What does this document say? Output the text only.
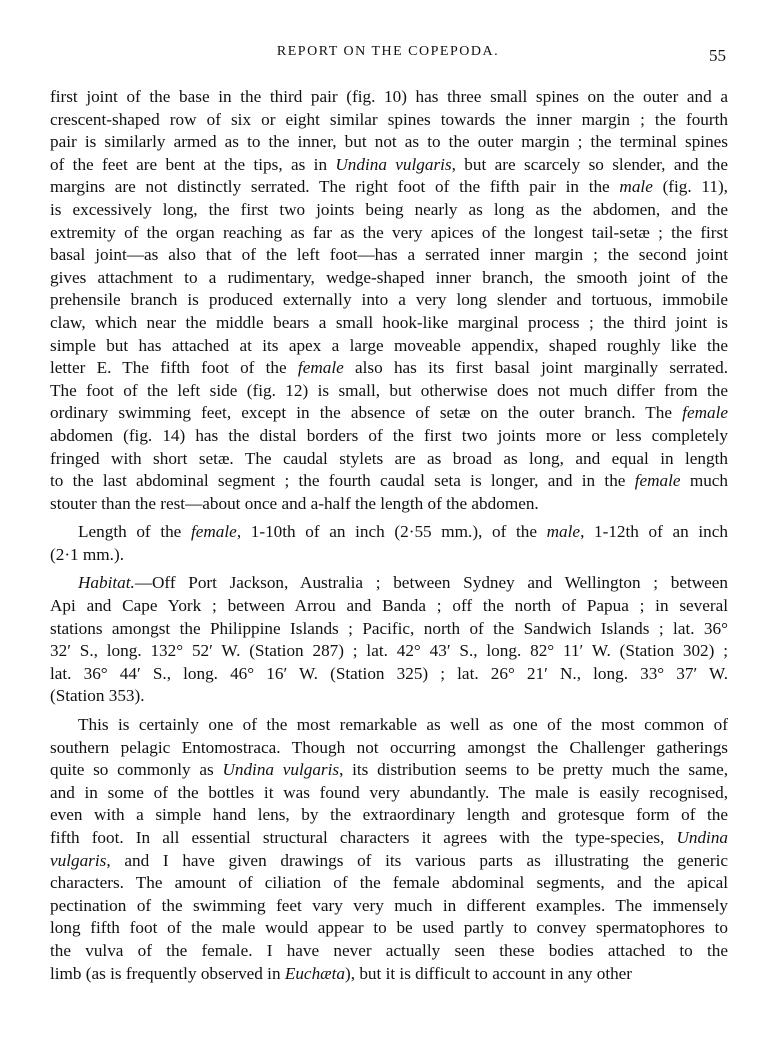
REPORT ON THE COPEPODA.	55
first joint of the base in the third pair (fig. 10) has three small spines on the outer and a
crescent-shaped row of six or eight similar spines towards the inner margin ; the fourth
pair is similarly armed as to the inner, but not as to the outer margin ; the terminal spines
of the feet are bent at the tips, as in Undina vulgaris, but are scarcely so slender, and the
margins are not distinctly serrated. The right foot of the fifth pair in the male (fig. 11),
is excessively long, the first two joints being nearly as long as the abdomen, and the
extremity of the organ reaching as far as the very apices of the longest tail-setæ ; the first
basal joint—as also that of the left foot—has a serrated inner margin ; the second joint
gives attachment to a rudimentary, wedge-shaped inner branch, the smooth joint of the
prehensile branch is produced externally into a very long slender and tortuous, immobile
claw, which near the middle bears a small hook-like marginal process ; the third joint is
simple but has attached at its apex a large moveable appendix, shaped roughly like the
letter E. The fifth foot of the female also has its first basal joint marginally serrated.
The foot of the left side (fig. 12) is small, but otherwise does not much differ from the
ordinary swimming feet, except in the absence of setæ on the outer branch. The female
abdomen (fig. 14) has the distal borders of the first two joints more or less completely
fringed with short setæ. The caudal stylets are as broad as long, and equal in length
to the last abdominal segment ; the fourth caudal seta is longer, and in the female much
stouter than the rest—about once and a-half the length of the abdomen.
Length of the female, 1-10th of an inch (2·55 mm.), of the male, 1-12th of an inch
(2·1 mm.).
Habitat.—Off Port Jackson, Australia ; between Sydney and Wellington ; between
Api and Cape York ; between Arrou and Banda ; off the north of Papua ; in several
stations amongst the Philippine Islands ; Pacific, north of the Sandwich Islands ; lat. 36°
32′ S., long. 132° 52′ W. (Station 287) ; lat. 42° 43′ S., long. 82° 11′ W. (Station 302) ;
lat. 36° 44′ S., long. 46° 16′ W. (Station 325) ; lat. 26° 21′ N., long. 33° 37′ W.
(Station 353).
This is certainly one of the most remarkable as well as one of the most common of
southern pelagic Entomostraca. Though not occurring amongst the Challenger gatherings
quite so commonly as Undina vulgaris, its distribution seems to be pretty much the same,
and in some of the bottles it was found very abundantly. The male is easily recognised,
even with a simple hand lens, by the extraordinary length and grotesque form of the
fifth foot. In all essential structural characters it agrees with the type-species, Undina
vulgaris, and I have given drawings of its various parts as illustrating the generic
characters. The amount of ciliation of the female abdominal segments, and the apical
pectination of the swimming feet vary very much in different examples. The immensely
long fifth foot of the male would appear to be used partly to convey spermatophores to
the vulva of the female. I have never actually seen these bodies attached to the
limb (as is frequently observed in Euchæta), but it is difficult to account in any other
